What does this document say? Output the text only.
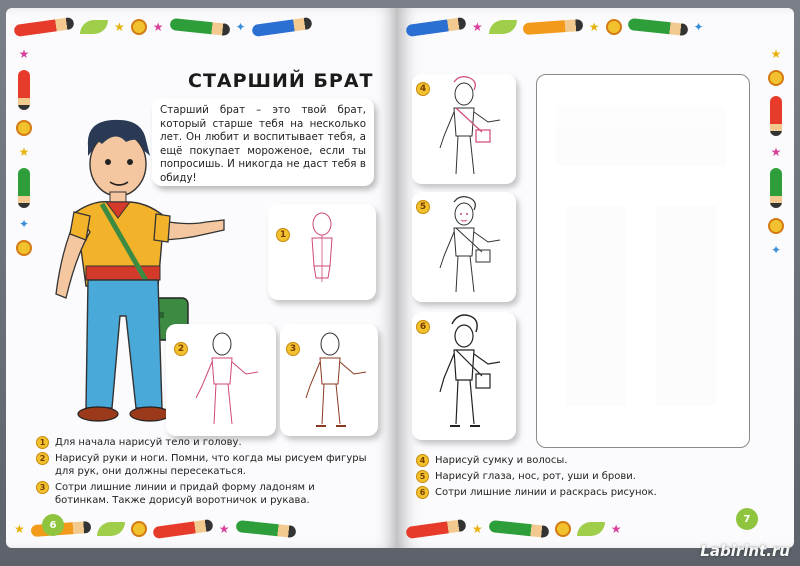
★ ★	✦
★
★
✦
★	★
СТАРШИЙ БРАТ

Старший брат – это твой брат, который старше тебя на несколько лет. Он любит и воспитывает тебя, а ещё покупает мороженое, если ты попросишь. И никогда не даст тебя в обиду!

1
2	3
1 Для начала нарисуй тело и голову.
2 Нарисуй руки и ноги. Помни, что когда мы рисуем фигуры для рук, они должны пересекаться.
3 Сотри лишние линии и придай форму ладоням и ботинкам. Также дорисуй воротничок и рукава.
6
★	★	✦
★
★
✦
★	★
4
5
6
4 Нарисуй сумку и волосы.
5 Нарисуй глаза, нос, рот, уши и брови.
6 Сотри лишние линии и раскрась рисунок.
7
Labirint.ru
